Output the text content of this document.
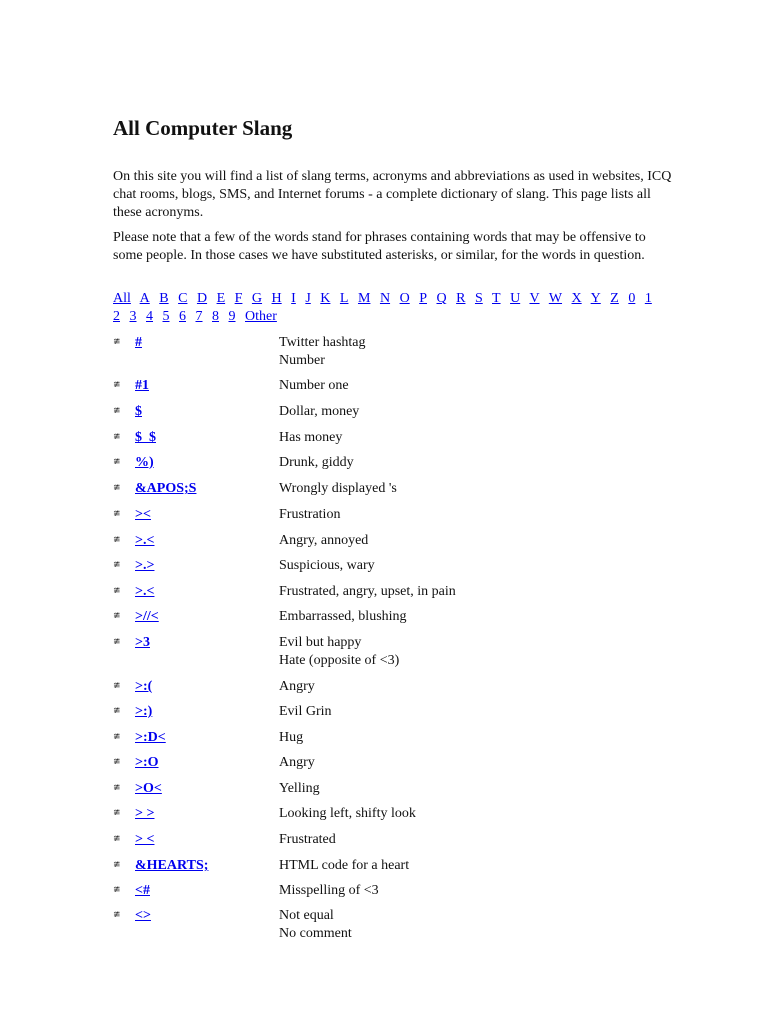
All Computer Slang

On this site you will find a list of slang terms, acronyms and abbreviations as used in websites, ICQ chat rooms, blogs, SMS, and Internet forums - a complete dictionary of slang. This page lists all these acronyms.

Please note that a few of the words stand for phrases containing words that may be offensive to some people. In those cases we have substituted asterisks, or similar, for the words in question.

All A B C D E F G H I J K L M N O P Q R S T U V W X Y Z 0 1 2 3 4 5 6 7 8 9 Other
≇	#	Twitter hashtag
Number
≇	#1	Number one
≇	$	Dollar, money
≇	$_$	Has money
≇	%)	Drunk, giddy
≇	&APOS;S	Wrongly displayed 's
≇	><	Frustration
≇	>.<	Angry, annoyed
≇	>.>	Suspicious, wary
≇	>.<	Frustrated, angry, upset, in pain
≇	>//<	Embarrassed, blushing
≇	>3	Evil but happy
Hate (opposite of <3)
≇	>:(	Angry
≇	>:)	Evil Grin
≇	>:D<	Hug
≇	>:O	Angry
≇	>O<	Yelling
≇	> >	Looking left, shifty look
≇	> <	Frustrated
≇	&HEARTS;	HTML code for a heart
≇	<#	Misspelling of <3
≇	<>	Not equal
No comment
